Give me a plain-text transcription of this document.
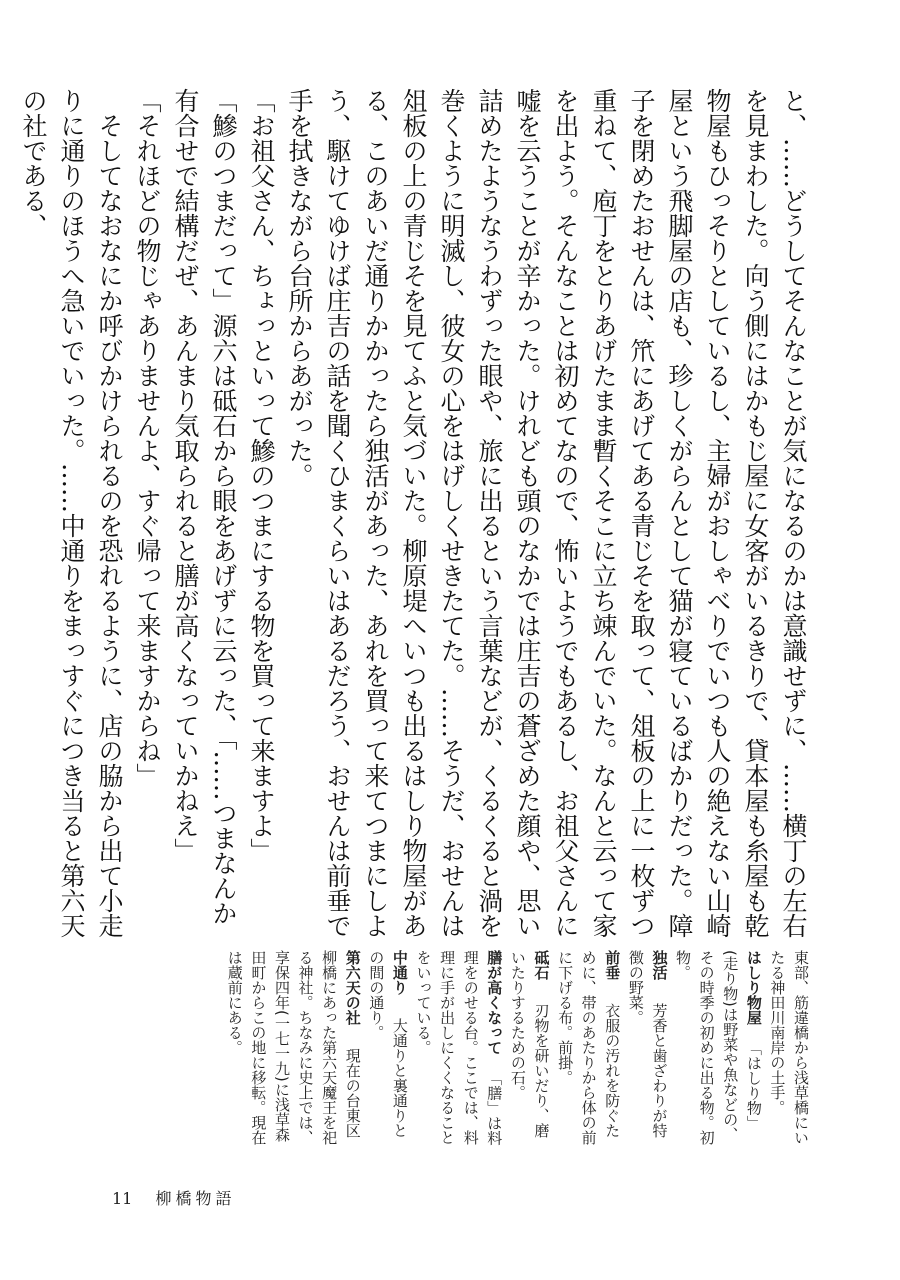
と、……どうしてそんなことが気になるのかは意識せずに、……横丁の左右を見まわした。向う側にはかもじ屋に女客がいるきりで、貸本屋も糸屋も乾物屋もひっそりとしているし、主婦がおしゃべりでいつも人の絶えない山崎屋という飛脚屋の店も、珍しくがらんとして猫が寝ているばかりだった。障子を閉めたおせんは、笊にあげてある青じそを取って、俎板の上に一枚ずつ重ねて、庖丁をとりあげたまま暫くそこに立ち竦んでいた。なんと云って家を出よう。そんなことは初めてなので、怖いようでもあるし、お祖父さんに嘘を云うことが辛かった。けれども頭のなかでは庄吉の蒼ざめた顔や、思い詰めたようなうわずった眼や、旅に出るという言葉などが、くるくると渦を巻くように明滅し、彼女の心をはげしくせきたてた。……そうだ、おせんは俎板の上の青じそを見てふと気づいた。柳原堤へいつも出るはしり物屋がある、このあいだ通りかかったら独活があった、あれを買って来てつまにしよう、駆けてゆけば庄吉の話を聞くひまくらいはあるだろう、おせんは前垂で手を拭きながら台所からあがった。

「お祖父さん、ちょっといって鰺のつまにする物を買って来ますよ」

「鰺のつまだって」源六は砥石から眼をあげずに云った、「……つまなんか有合せで結構だぜ、あんまり気取られると膳が高くなっていかねえ」

「それほどの物じゃありませんよ、すぐ帰って来ますからね」

そしてなおなにか呼びかけられるのを恐れるように、店の脇から出て小走りに通りのほうへ急いでいった。……中通りをまっすぐにつき当ると第六天の社である、

東部、筋違橋から浅草橋にいたる神田川南岸の土手。
はしり物屋　「はしり物」(走り物)は野菜や魚などの、その時季の初めに出る物。初物。
独活　芳香と歯ざわりが特徴の野菜。
前垂　衣服の汚れを防ぐために、帯のあたりから体の前に下げる布。前掛。
砥石　刃物を研いだり、磨いたりするための石。
膳が高くなって　「膳」は料理をのせる台。ここでは、料理に手が出しにくくなることをいっている。
中通り　大通りと裏通りとの間の通り。
第六天の社　現在の台東区柳橋にあった第六天魔王を祀る神社。ちなみに史上では、享保四年(一七一九)に浅草森田町からこの地に移転。現在は蔵前にある。
11 柳橋物語
